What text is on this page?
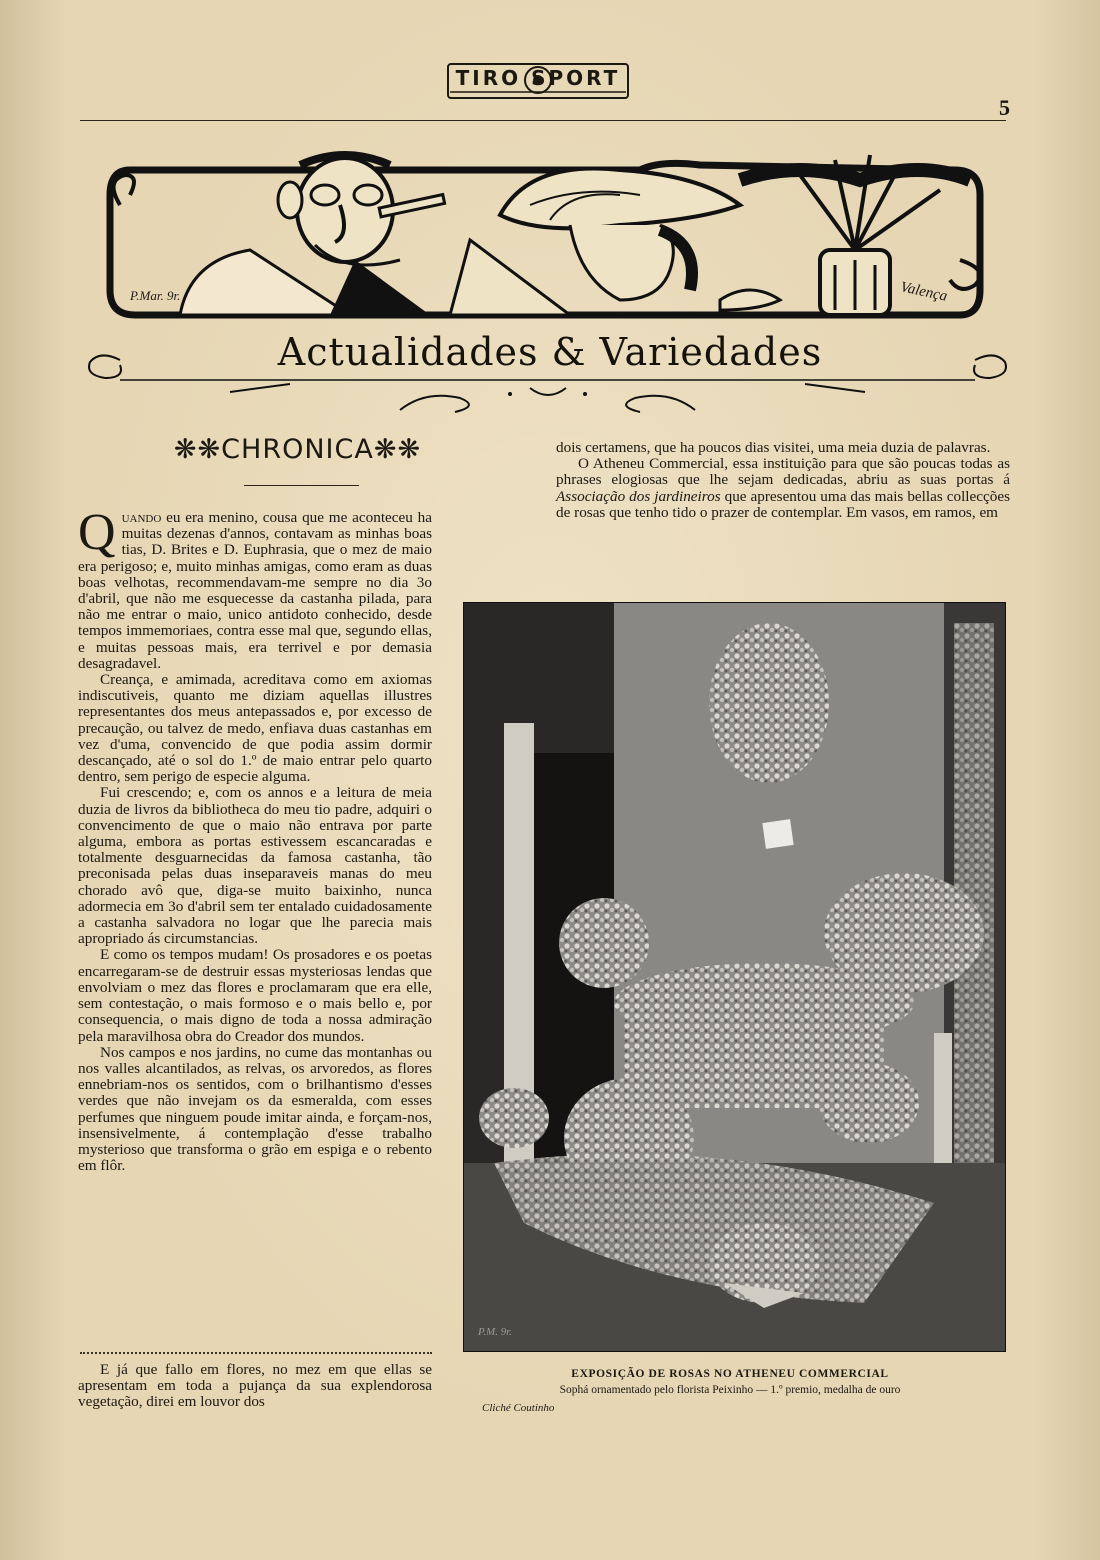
TIRO SPORT
5
P.Mar. 9r.	Valença
Actualidades & Variedades
❋❋CHRONICA❋❋

Quando eu era menino, cousa que me aconteceu ha muitas dezenas d'annos, contavam as minhas boas tias, D. Brites e D. Euphrasia, que o mez de maio era perigoso; e, muito minhas amigas, como eram as duas boas velhotas, recommendavam-me sempre no dia 3o d'abril, que não me esquecesse da castanha pilada, para não me entrar o maio, unico antidoto conhecido, desde tempos immemoriaes, contra esse mal que, segundo ellas, e muitas pessoas mais, era terrivel e por demasia desagradavel.

Creança, e amimada, acreditava como em axiomas indiscutiveis, quanto me diziam aquellas illustres representantes dos meus antepassados e, por excesso de precaução, ou talvez de medo, enfiava duas castanhas em vez d'uma, convencido de que podia assim dormir descançado, até o sol do 1.º de maio entrar pelo quarto dentro, sem perigo de especie alguma.

Fui crescendo; e, com os annos e a leitura de meia duzia de livros da bibliotheca do meu tio padre, adquiri o convencimento de que o maio não entrava por parte alguma, embora as portas estivessem escancaradas e totalmente desguarnecidas da famosa castanha, tão preconisada pelas duas inseparaveis manas do meu chorado avô que, diga-se muito baixinho, nunca adormecia em 3o d'abril sem ter entalado cuidadosamente a castanha salvadora no logar que lhe parecia mais apropriado ás circumstancias.

E como os tempos mudam! Os prosadores e os poetas encarregaram-se de destruir essas mysteriosas lendas que envolviam o mez das flores e proclamaram que era elle, sem contestação, o mais formoso e o mais bello e, por consequencia, o mais digno de toda a nossa admiração pela maravilhosa obra do Creador dos mundos.

Nos campos e nos jardins, no cume das montanhas ou nos valles alcantilados, as relvas, os arvoredos, as flores ennebriam-nos os sentidos, com o brilhantismo d'esses verdes que não invejam os da esmeralda, com esses perfumes que ninguem poude imitar ainda, e forçam-nos, insensivelmente, á contemplação d'esse trabalho mysterioso que transforma o grão em espiga e o rebento em flôr.

E já que fallo em flores, no mez em que ellas se apresentam em toda a pujança da sua explendorosa vegetação, direi em louvor dos

dois certamens, que ha poucos dias visitei, uma meia duzia de palavras.

O Atheneu Commercial, essa instituição para que são poucas todas as phrases elogiosas que lhe sejam dedicadas, abriu as suas portas á Associação dos jardineiros que apresentou uma das mais bellas collecções de rosas que tenho tido o prazer de contemplar. Em vasos, em ramos, em

P.M. 9r.
EXPOSIÇÃO DE ROSAS NO ATHENEU COMMERCIAL
Sophá ornamentado pelo florista Peixinho — 1.º premio, medalha de ouro
Cliché Coutinho
